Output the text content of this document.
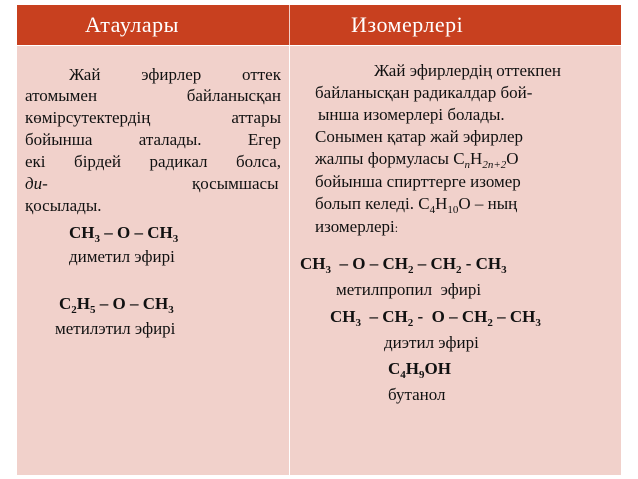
Атаулары	Изомерлері
Жай эфирлер оттек
атомымен байланысқан
көмірсутектердің аттары
бойынша аталады. Егер
екі бірдей радикал болса,
ди-	қосымшасы
қосылады.
$CH_3$ – O – $CH_3$
диметил эфирі
$C_2H_5$ – O – $CH_3$
метилэтил эфирі
Жай эфирлердің оттекпен
байланысқан радикалдар бой-
ынша изомерлері болады.
Сонымен қатар жай эфирлер
жалпы формуласы $C_nH_{2n+2}O$
бойынша спирттерге изомер
болып келеді. $C_4H_{10}O$ – ның
изомерлері:
$CH_3$  – O – $CH_2 - CH_2 - CH_3$
метилпропил  эфирі
$CH_3 - CH_2$ -  O – $CH_2 - CH_3$
диэтил эфирі
$C_4H_9OH$
бутанол
